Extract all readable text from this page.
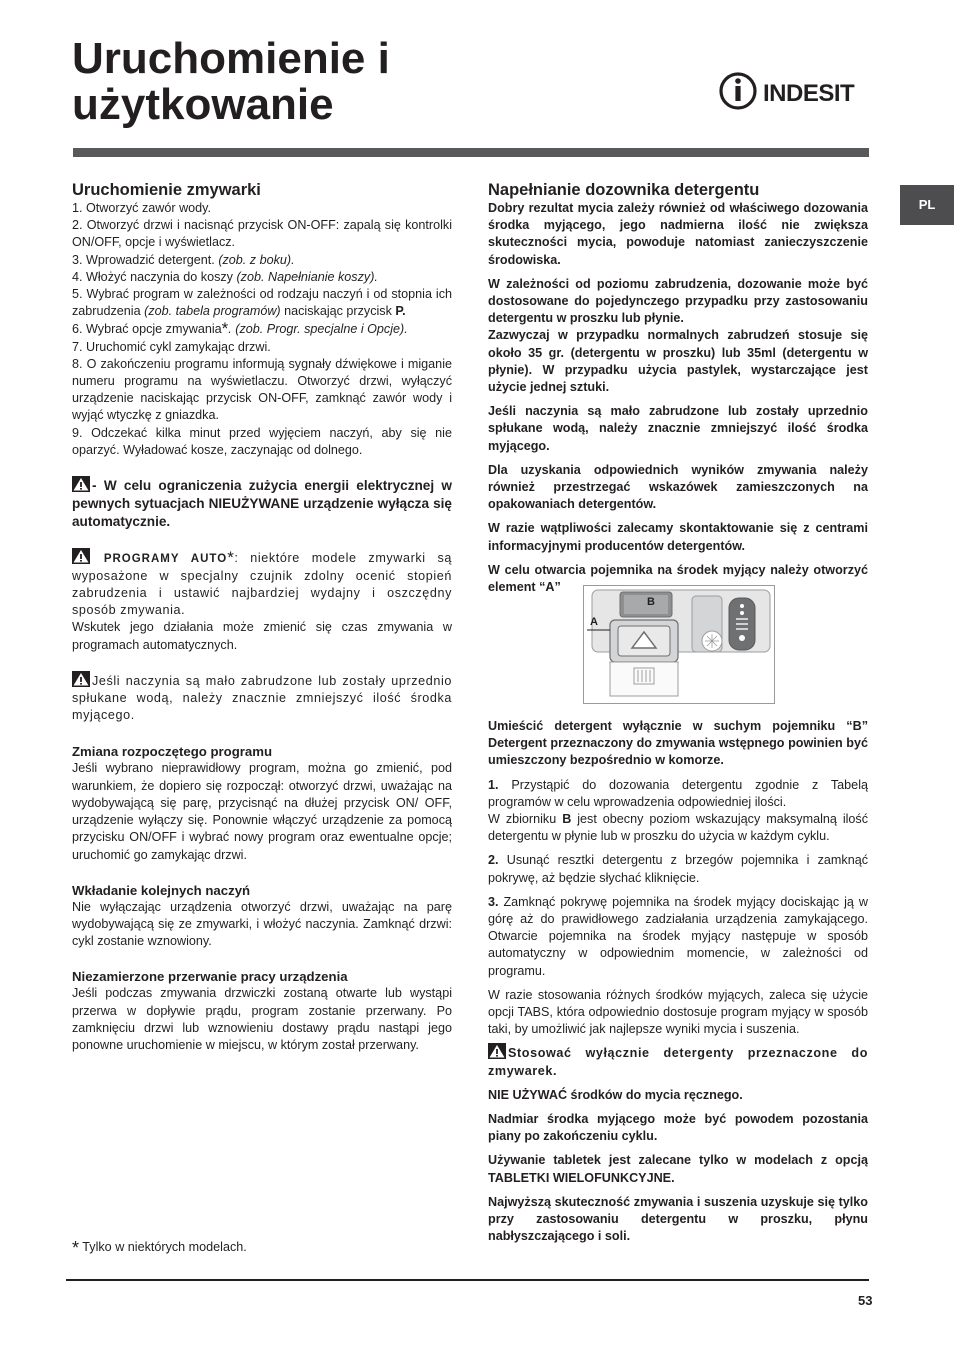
Uruchomienie i
użytkowanie	INDESIT
PL
Uruchomienie zmywarki

1. Otworzyć zawór wody.

2. Otworzyć drzwi i nacisnąć przycisk ON-OFF: zapalą się kontrolki ON/OFF, opcje i wyświetlacz.

3. Wprowadzić detergent. (zob. z boku).

4. Włożyć naczynia do koszy (zob. Napełnianie koszy).

5. Wybrać program w zależności od rodzaju naczyń i od stopnia ich zabrudzenia (zob. tabela programów) naciskając przycisk P.

6. Wybrać opcje zmywania*. (zob. Progr. specjalne i Opcje).

7. Uruchomić cykl zamykając drzwi.

8. O zakończeniu programu informują sygnały dźwiękowe i miganie numeru programu na wyświetlaczu. Otworzyć drzwi, wyłączyć urządzenie naciskając przycisk ON-OFF, zamknąć zawór wody i wyjąć wtyczkę z gniazdka.

9. Odczekać kilka minut przed wyjęciem naczyń, aby się nie oparzyć. Wyładować kosze, zaczynając od dolnego.

- W celu ograniczenia zużycia energii elektrycznej w pewnych sytuacjach NIEUŻYWANE urządzenie wyłącza się automatycznie.

PROGRAMY AUTO*: niektóre modele zmywarki są wyposażone w specjalny czujnik zdolny ocenić stopień zabrudzenia i ustawić najbardziej wydajny i oszczędny sposób zmywania.

Wskutek jego działania może zmienić się czas zmywania w programach automatycznych.

Jeśli naczynia są mało zabrudzone lub zostały uprzednio spłukane wodą, należy znacznie zmniejszyć ilość środka myjącego.

Zmiana rozpoczętego programu

Jeśli wybrano nieprawidłowy program, można go zmienić, pod warunkiem, że dopiero się rozpoczął: otworzyć drzwi, uważając na wydobywającą się parę, przycisnąć na dłużej przycisk ON/ OFF, urządzenie wyłączy się. Ponownie włączyć urządzenie za pomocą przycisku ON/OFF i wybrać nowy program oraz ewentualne opcje; uruchomić go zamykając drzwi.

Wkładanie kolejnych naczyń

Nie wyłączając urządzenia otworzyć drzwi, uważając na parę wydobywającą się ze zmywarki, i włożyć naczynia. Zamknąć drzwi: cykl zostanie wznowiony.

Niezamierzone przerwanie pracy urządzenia

Jeśli podczas zmywania drzwiczki zostaną otwarte lub wystąpi przerwa w dopływie prądu, program zostanie przerwany. Po zamknięciu drzwi lub wznowieniu dostawy prądu nastąpi jego ponowne uruchomienie w miejscu, w którym został przerwany.

* Tylko w niektórych modelach.
Napełnianie dozownika detergentu

Dobry rezultat mycia zależy również od właściwego dozowania środka myjącego, jego nadmierna ilość nie zwiększa skuteczności mycia, powoduje natomiast zanieczyszczenie środowiska.

W zależności od poziomu zabrudzenia, dozowanie może być dostosowane do pojedynczego przypadku przy zastosowaniu detergentu w proszku lub płynie.

Zazwyczaj w przypadku normalnych zabrudzeń stosuje się około 35 gr. (detergentu w proszku) lub 35ml (detergentu w płynie). W przypadku użycia pastylek, wystarczające jest użycie jednej sztuki.

Jeśli naczynia są mało zabrudzone lub zostały uprzednio spłukane wodą, należy znacznie zmniejszyć ilość środka myjącego.

Dla uzyskania odpowiednich wyników zmywania należy również przestrzegać wskazówek zamieszczonych na opakowaniach detergentów.

W razie wątpliwości zalecamy skontaktowanie się z centrami informacyjnymi producentów detergentów.

W celu otwarcia pojemnika na środek myjący należy otworzyć element “A”

A
B

Umieścić detergent wyłącznie w suchym pojemniku “B” Detergent przeznaczony do zmywania wstępnego powinien być umieszczony bezpośrednio w komorze.

1. Przystąpić do dozowania detergentu zgodnie z Tabelą programów w celu wprowadzenia odpowiedniej ilości.

W zbiorniku B jest obecny poziom wskazujący maksymalną ilość detergentu w płynie lub w proszku do użycia w każdym cyklu.

2. Usunąć resztki detergentu z brzegów pojemnika i zamknąć pokrywę, aż będzie słychać kliknięcie.

3. Zamknąć pokrywę pojemnika na środek myjący dociskając ją w górę aż do prawidłowego zadziałania urządzenia zamykającego. Otwarcie pojemnika na środek myjący następuje w sposób automatyczny w odpowiednim momencie, w zależności od programu.

W razie stosowania różnych środków myjących, zaleca się użycie opcji TABS, która odpowiednio dostosuje program myjący w sposób taki, by umożliwić jak najlepsze wyniki mycia i suszenia.

Stosować wyłącznie detergenty przeznaczone do zmywarek.

NIE UŻYWAĆ środków do mycia ręcznego.

Nadmiar środka myjącego może być powodem pozostania piany po zakończeniu cyklu.

Używanie tabletek jest zalecane tylko w modelach z opcją TABLETKI WIELOFUNKCYJNE.

Najwyższą skuteczność zmywania i suszenia uzyskuje się tylko przy zastosowaniu detergentu w proszku, płynu nabłyszczającego i soli.

53
